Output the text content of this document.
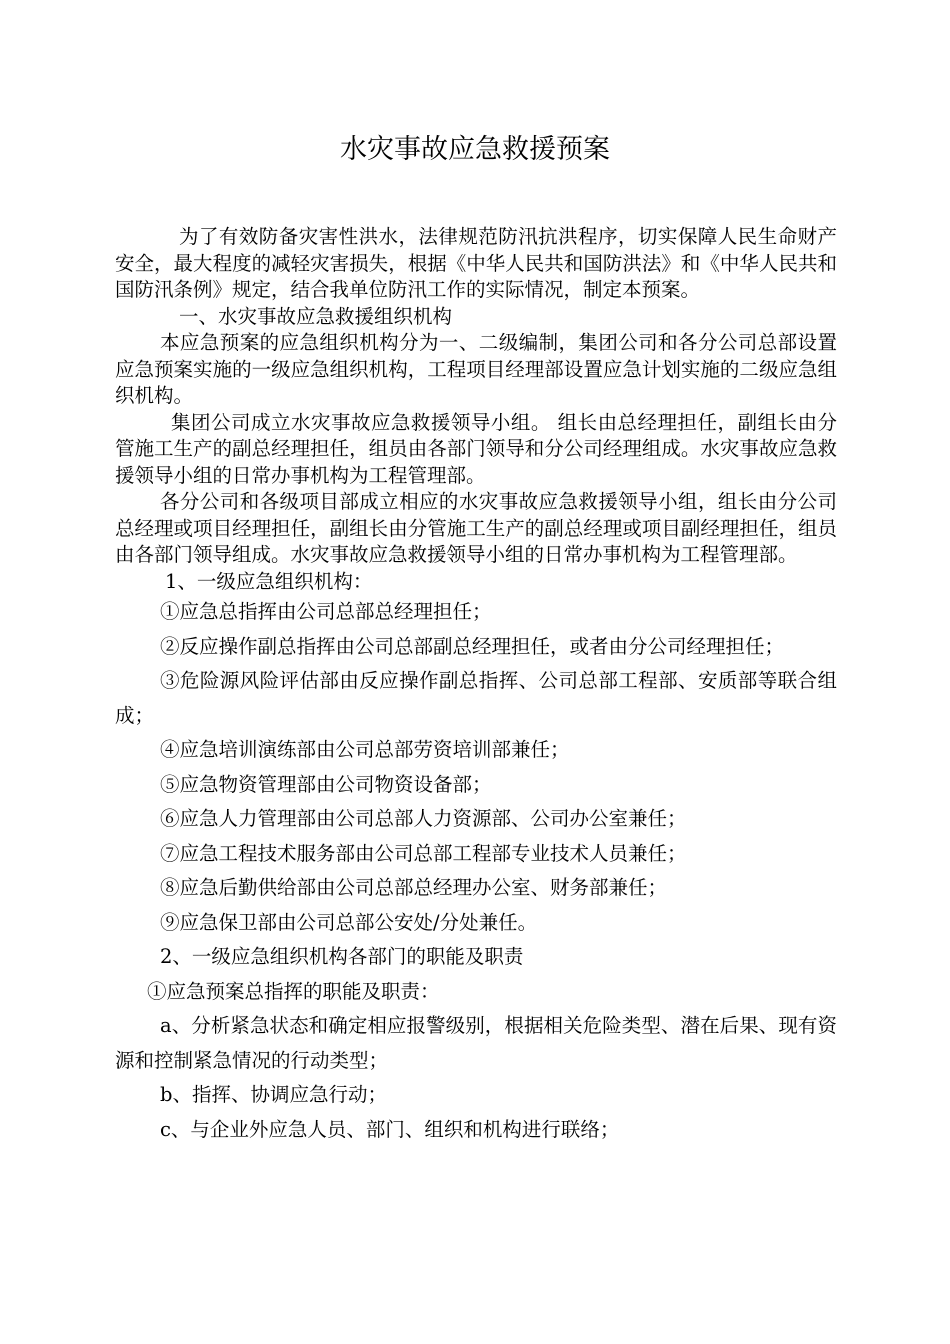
水灾事故应急救援预案

为了有效防备灾害性洪水，法律规范防汛抗洪程序，切实保障人民生命财产安全，最大程度的减轻灾害损失，根据《中华人民共和国防洪法》和《中华人民共和国防汛条例》规定，结合我单位防汛工作的实际情况，制定本预案。

一、水灾事故应急救援组织机构

本应急预案的应急组织机构分为一、二级编制，集团公司和各分公司总部设置应急预案实施的一级应急组织机构，工程项目经理部设置应急计划实施的二级应急组织机构。

集团公司成立水灾事故应急救援领导小组。 组长由总经理担任，副组长由分管施工生产的副总经理担任，组员由各部门领导和分公司经理组成。水灾事故应急救援领导小组的日常办事机构为工程管理部。

各分公司和各级项目部成立相应的水灾事故应急救援领导小组，组长由分公司总经理或项目经理担任，副组长由分管施工生产的副总经理或项目副经理担任，组员由各部门领导组成。水灾事故应急救援领导小组的日常办事机构为工程管理部。

1、一级应急组织机构：

①应急总指挥由公司总部总经理担任；

②反应操作副总指挥由公司总部副总经理担任，或者由分公司经理担任；

③危险源风险评估部由反应操作副总指挥、公司总部工程部、安质部等联合组成；

④应急培训演练部由公司总部劳资培训部兼任；

⑤应急物资管理部由公司物资设备部；

⑥应急人力管理部由公司总部人力资源部、公司办公室兼任；

⑦应急工程技术服务部由公司总部工程部专业技术人员兼任；

⑧应急后勤供给部由公司总部总经理办公室、财务部兼任；

⑨应急保卫部由公司总部公安处/分处兼任。

2、一级应急组织机构各部门的职能及职责

①应急预案总指挥的职能及职责：

a、分析紧急状态和确定相应报警级别，根据相关危险类型、潜在后果、现有资源和控制紧急情况的行动类型；

b、指挥、协调应急行动；

c、与企业外应急人员、部门、组织和机构进行联络；
